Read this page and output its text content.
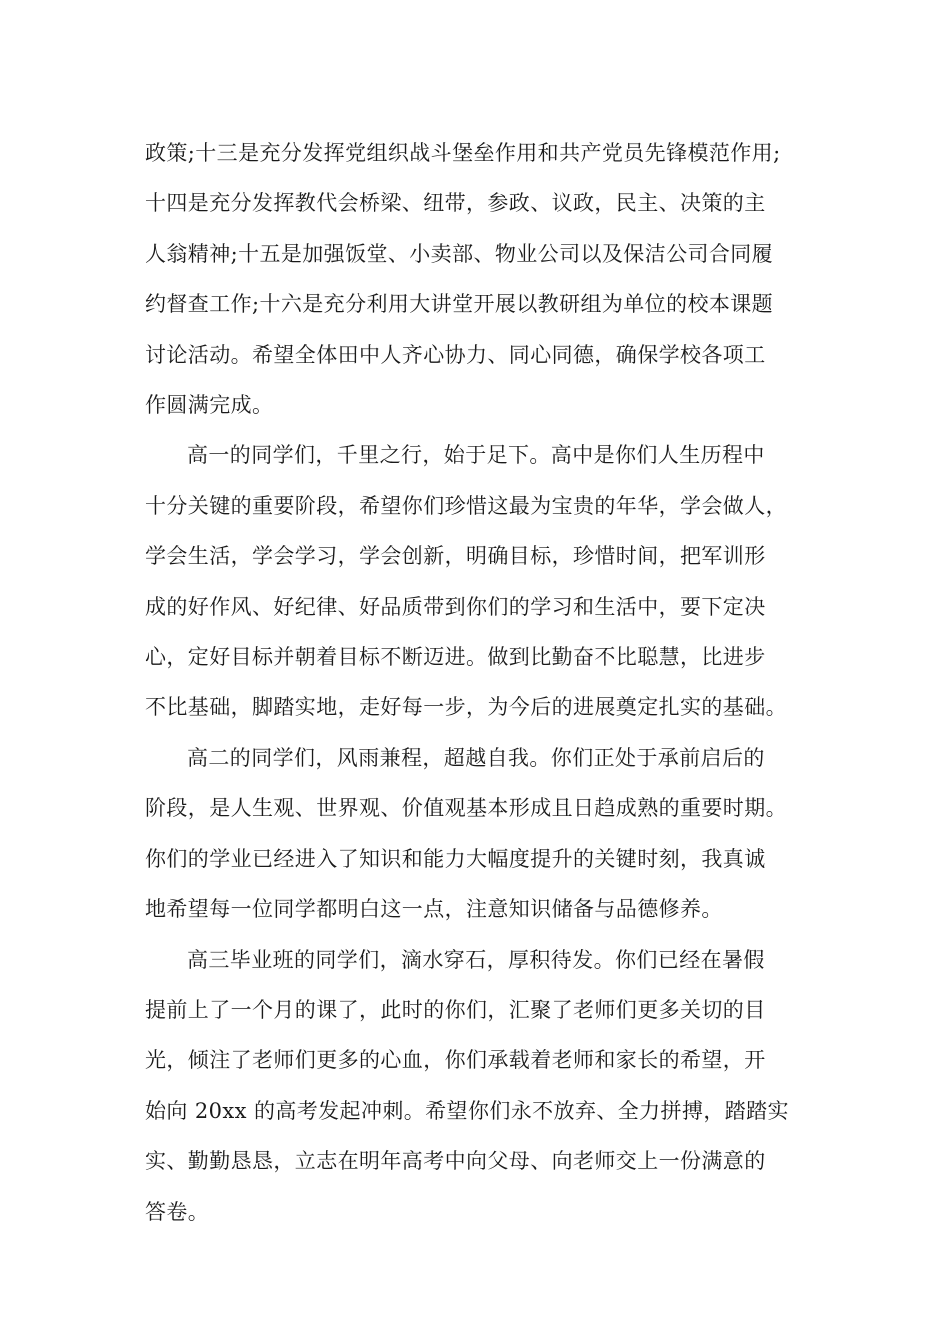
政策;十三是充分发挥党组织战斗堡垒作用和共产党员先锋模范作用;
十四是充分发挥教代会桥梁、纽带，参政、议政，民主、决策的主
人翁精神;十五是加强饭堂、小卖部、物业公司以及保洁公司合同履
约督查工作;十六是充分利用大讲堂开展以教研组为单位的校本课题
讨论活动。希望全体田中人齐心协力、同心同德，确保学校各项工
作圆满完成。

高一的同学们，千里之行，始于足下。高中是你们人生历程中
十分关键的重要阶段，希望你们珍惜这最为宝贵的年华，学会做人，
学会生活，学会学习，学会创新，明确目标，珍惜时间，把军训形
成的好作风、好纪律、好品质带到你们的学习和生活中，要下定决
心，定好目标并朝着目标不断迈进。做到比勤奋不比聪慧，比进步
不比基础，脚踏实地，走好每一步，为今后的进展奠定扎实的基础。

高二的同学们，风雨兼程，超越自我。你们正处于承前启后的
阶段，是人生观、世界观、价值观基本形成且日趋成熟的重要时期。
你们的学业已经进入了知识和能力大幅度提升的关键时刻，我真诚
地希望每一位同学都明白这一点，注意知识储备与品德修养。

高三毕业班的同学们，滴水穿石，厚积待发。你们已经在暑假
提前上了一个月的课了，此时的你们，汇聚了老师们更多关切的目
光，倾注了老师们更多的心血，你们承载着老师和家长的希望，开
始向 20xx 的高考发起冲刺。希望你们永不放弃、全力拼搏，踏踏实
实、勤勤恳恳，立志在明年高考中向父母、向老师交上一份满意的
答卷。
